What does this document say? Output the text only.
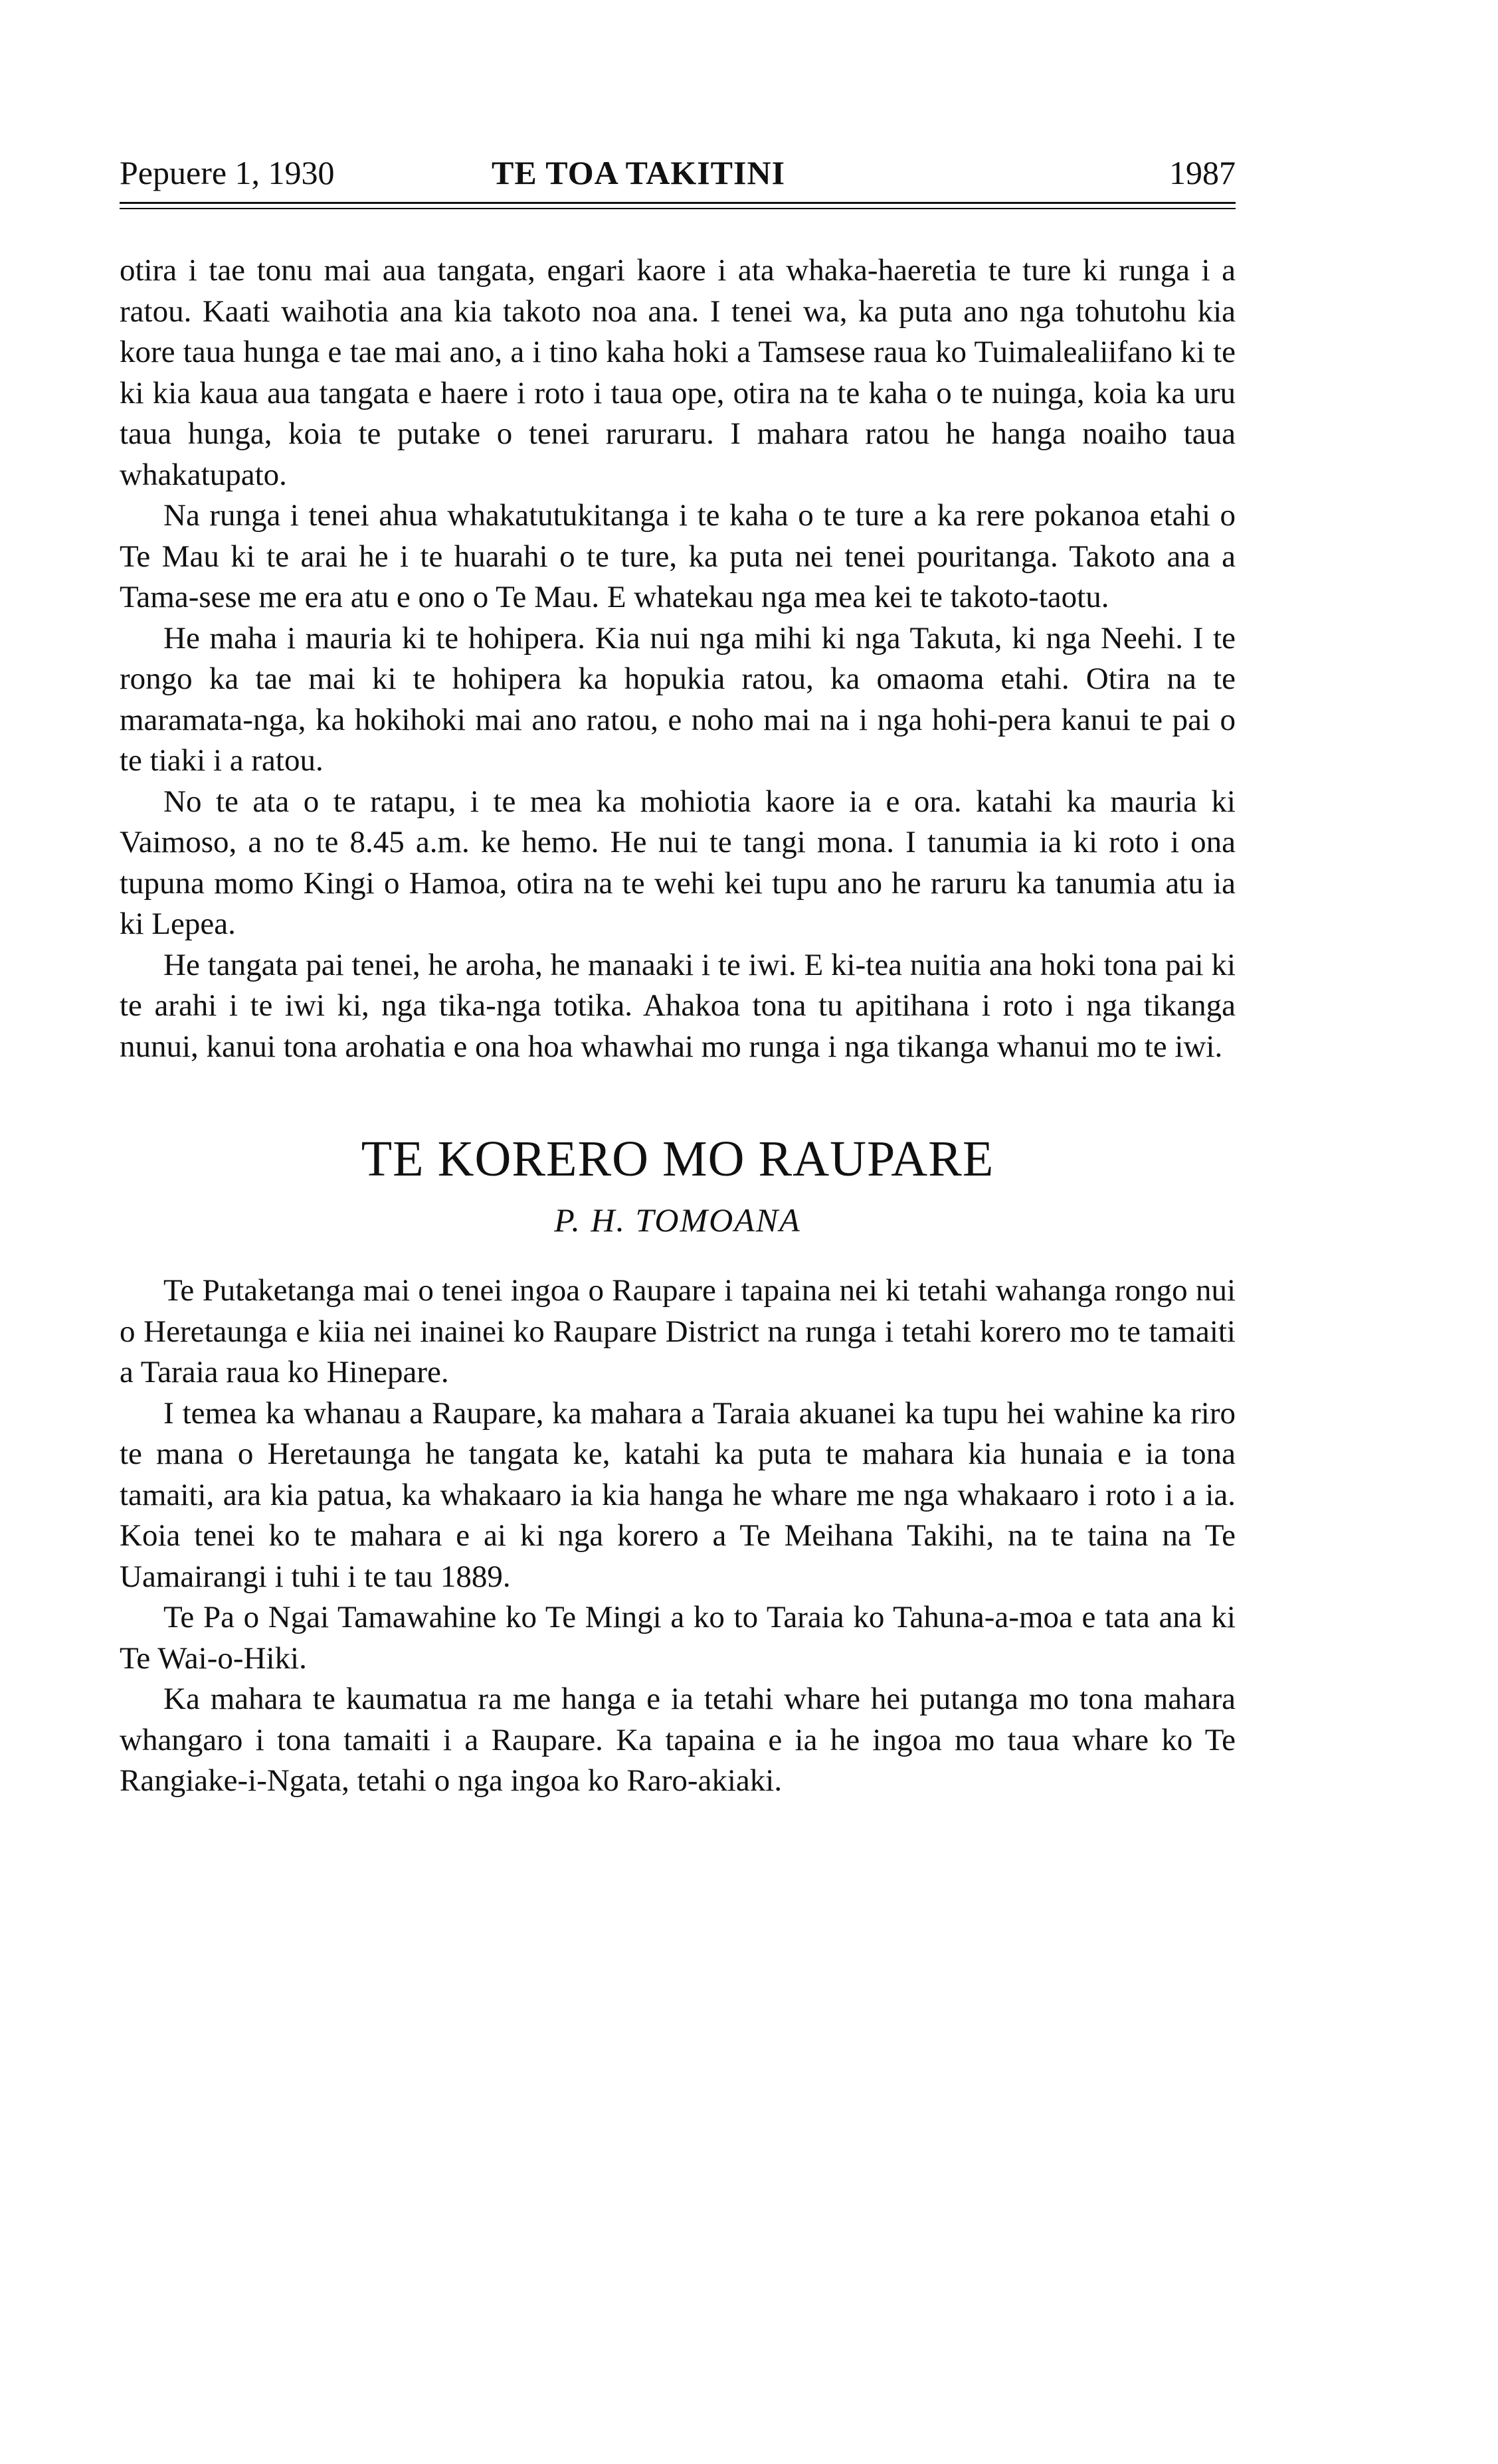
Pepuere 1, 1930	TE TOA TAKITINI	1987

otira i tae tonu mai aua tangata, engari kaore i ata whaka-haeretia te ture ki runga i a ratou. Kaati waihotia ana kia takoto noa ana. I tenei wa, ka puta ano nga tohutohu kia kore taua hunga e tae mai ano, a i tino kaha hoki a Tamsese raua ko Tuimalealiifano ki te ki kia kaua aua tangata e haere i roto i taua ope, otira na te kaha o te nuinga, koia ka uru taua hunga, koia te putake o tenei raruraru. I mahara ratou he hanga noaiho taua whakatupato.

Na runga i tenei ahua whakatutukitanga i te kaha o te ture a ka rere pokanoa etahi o Te Mau ki te arai he i te huarahi o te ture, ka puta nei tenei pouritanga. Takoto ana a Tama-sese me era atu e ono o Te Mau. E whatekau nga mea kei te takoto-taotu.

He maha i mauria ki te hohipera. Kia nui nga mihi ki nga Takuta, ki nga Neehi. I te rongo ka tae mai ki te hohipera ka hopukia ratou, ka omaoma etahi. Otira na te maramata-nga, ka hokihoki mai ano ratou, e noho mai na i nga hohi-pera kanui te pai o te tiaki i a ratou.

No te ata o te ratapu, i te mea ka mohiotia kaore ia e ora. katahi ka mauria ki Vaimoso, a no te 8.45 a.m. ke hemo. He nui te tangi mona. I tanumia ia ki roto i ona tupuna momo Kingi o Hamoa, otira na te wehi kei tupu ano he raruru ka tanumia atu ia ki Lepea.

He tangata pai tenei, he aroha, he manaaki i te iwi. E ki-tea nuitia ana hoki tona pai ki te arahi i te iwi ki, nga tika-nga totika. Ahakoa tona tu apitihana i roto i nga tikanga nunui, kanui tona arohatia e ona hoa whawhai mo runga i nga tikanga whanui mo te iwi.

TE KORERO MO RAUPARE
P. H. TOMOANA

Te Putaketanga mai o tenei ingoa o Raupare i tapaina nei ki tetahi wahanga rongo nui o Heretaunga e kiia nei inainei ko Raupare District na runga i tetahi korero mo te tamaiti a Taraia raua ko Hinepare.

I temea ka whanau a Raupare, ka mahara a Taraia akuanei ka tupu hei wahine ka riro te mana o Heretaunga he tangata ke, katahi ka puta te mahara kia hunaia e ia tona tamaiti, ara kia patua, ka whakaaro ia kia hanga he whare me nga whakaaro i roto i a ia. Koia tenei ko te mahara e ai ki nga korero a Te Meihana Takihi, na te taina na Te Uamairangi i tuhi i te tau 1889.

Te Pa o Ngai Tamawahine ko Te Mingi a ko to Taraia ko Tahuna-a-moa e tata ana ki Te Wai-o-Hiki.

Ka mahara te kaumatua ra me hanga e ia tetahi whare hei putanga mo tona mahara whangaro i tona tamaiti i a Raupare. Ka tapaina e ia he ingoa mo taua whare ko Te Rangiake-i-Ngata, tetahi o nga ingoa ko Raro-akiaki.
